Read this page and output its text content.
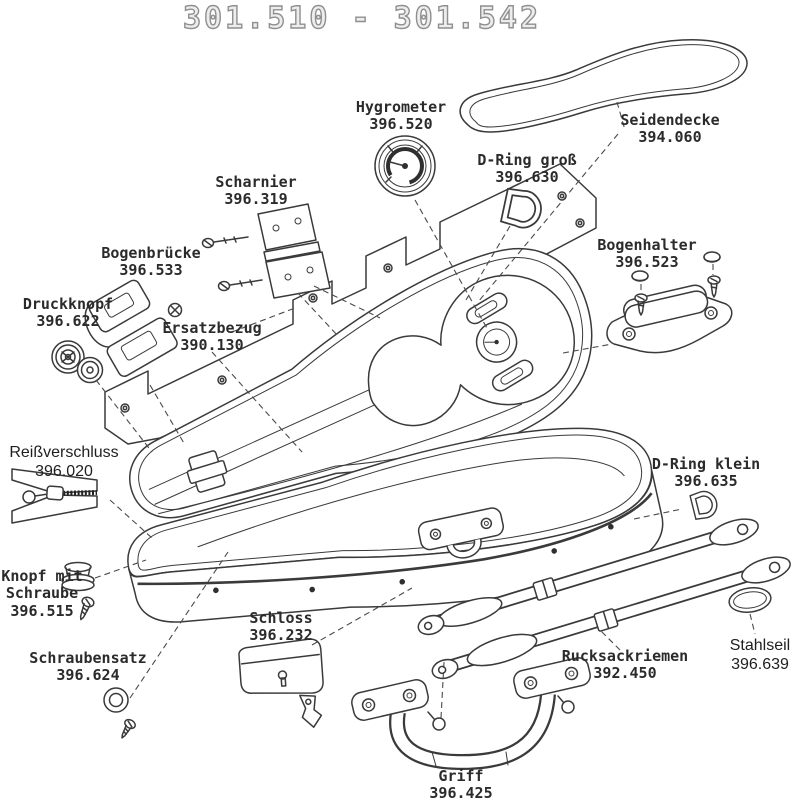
301.510 - 301.542
Hygrometer
396.520	Seidendecke
394.060
D-Ring groß
396.630
Scharnier
396.319
Bogenbrücke
396.533
Druckknopf
396.622	Ersatzbezug
390.130
Reißverschluss
396.020
Knopf mit Schraube
396.515
Schraubensatz
396.624
Schloss
396.232
Griff
396.425
Rucksackriemen
392.450
Stahlseil
396.639
D-Ring klein
396.635
Bogenhalter
396.523
